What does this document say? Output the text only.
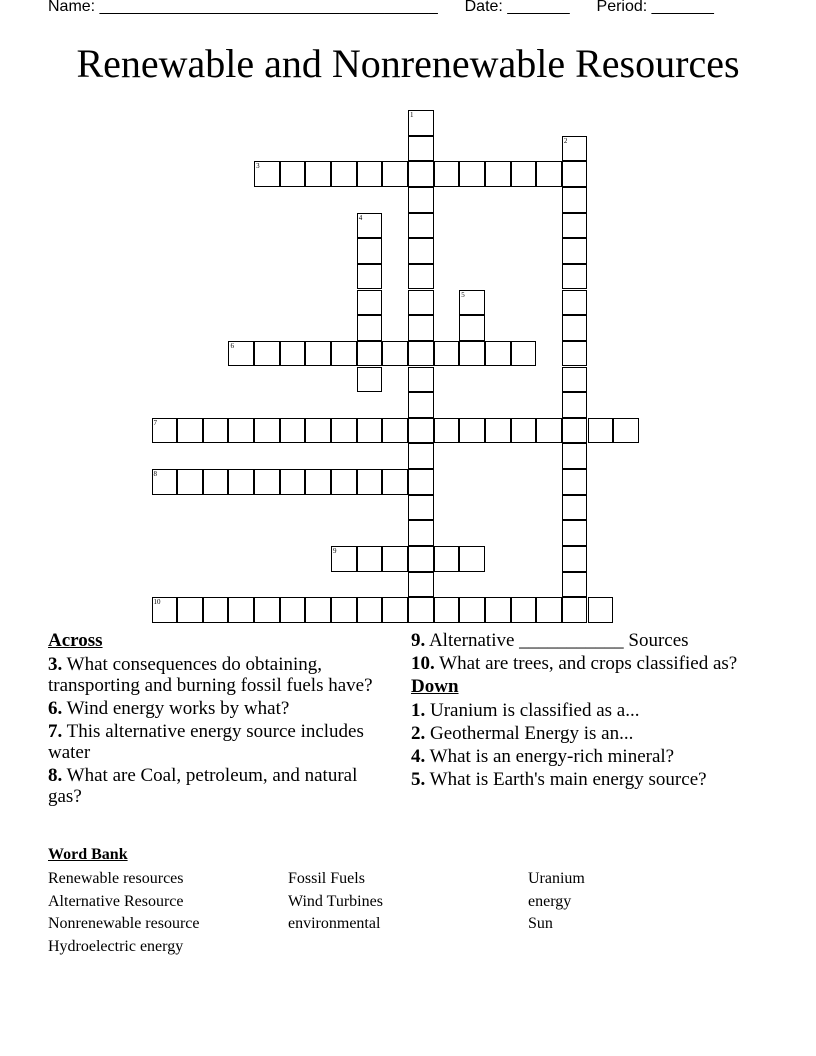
Name: ______________________________________ Date: _______ Period: _______
Renewable and Nonrenewable Resources
1
2
3
4
5
6
7
8
9
10
Across
3. What consequences do obtaining, transporting and burning fossil fuels have?
6. Wind energy works by what?
7. This alternative energy source includes water
8. What are Coal, petroleum, and natural gas?
9. Alternative ___________ Sources
10. What are trees, and crops classified as?
Down
1. Uranium is classified as a...
2. Geothermal Energy is an...
4. What is an energy-rich mineral?
5. What is Earth's main energy source?
Word Bank
Renewable resources
Alternative Resource
Nonrenewable resource
Hydroelectric energy
Fossil Fuels
Wind Turbines
environmental
Uranium
energy
Sun
